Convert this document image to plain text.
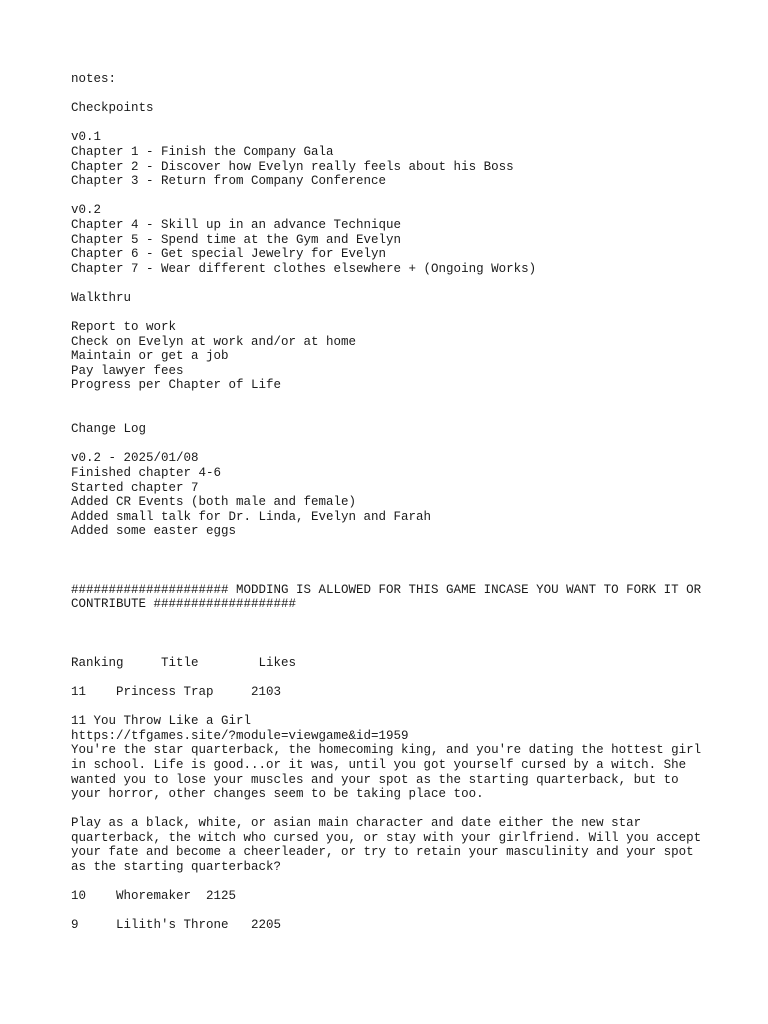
notes:
Checkpoints
v0.1
Chapter 1 - Finish the Company Gala
Chapter 2 - Discover how Evelyn really feels about his Boss
Chapter 3 - Return from Company Conference
v0.2
Chapter 4 - Skill up in an advance Technique
Chapter 5 - Spend time at the Gym and Evelyn
Chapter 6 - Get special Jewelry for Evelyn
Chapter 7 - Wear different clothes elsewhere + (Ongoing Works)
Walkthru
Report to work
Check on Evelyn at work and/or at home
Maintain or get a job
Pay lawyer fees
Progress per Chapter of Life
Change Log
v0.2 - 2025/01/08
Finished chapter 4-6
Started chapter 7
Added CR Events (both male and female)
Added small talk for Dr. Linda, Evelyn and Farah
Added some easter eggs
##################### MODDING IS ALLOWED FOR THIS GAME INCASE YOU WANT TO FORK IT OR CONTRIBUTE ###################
Ranking     Title        Likes
11    Princess Trap     2103
11 You Throw Like a Girl
https://tfgames.site/?module=viewgame&id=1959
You're the star quarterback, the homecoming king, and you're dating the hottest girl in school. Life is good...or it was, until you got yourself cursed by a witch. She wanted you to lose your muscles and your spot as the starting quarterback, but to your horror, other changes seem to be taking place too.
Play as a black, white, or asian main character and date either the new star quarterback, the witch who cursed you, or stay with your girlfriend. Will you accept your fate and become a cheerleader, or try to retain your masculinity and your spot as the starting quarterback?
10    Whoremaker  2125
9     Lilith's Throne   2205
